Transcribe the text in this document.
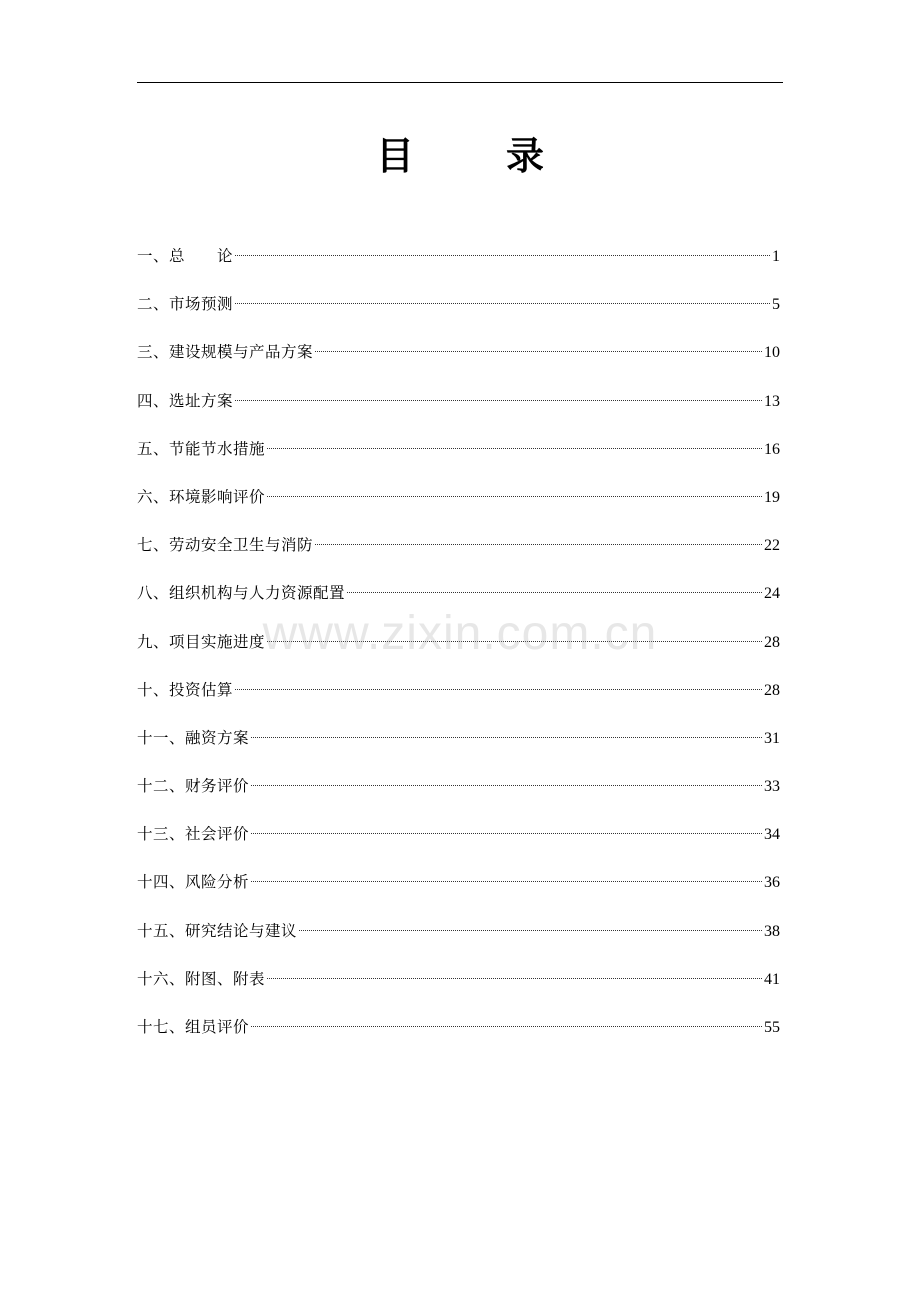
目 录
一、总　　论	1
二、市场预测	5
三、建设规模与产品方案	10
四、选址方案	13
五、节能节水措施	16
六、环境影响评价	19
七、劳动安全卫生与消防	22
八、组织机构与人力资源配置	24
九、项目实施进度	28
十、投资估算	28
十一、融资方案	31
十二、财务评价	33
十三、社会评价	34
十四、风险分析	36
十五、研究结论与建议	38
十六、附图、附表	41
十七、组员评价	55
www.zixin.com.cn
